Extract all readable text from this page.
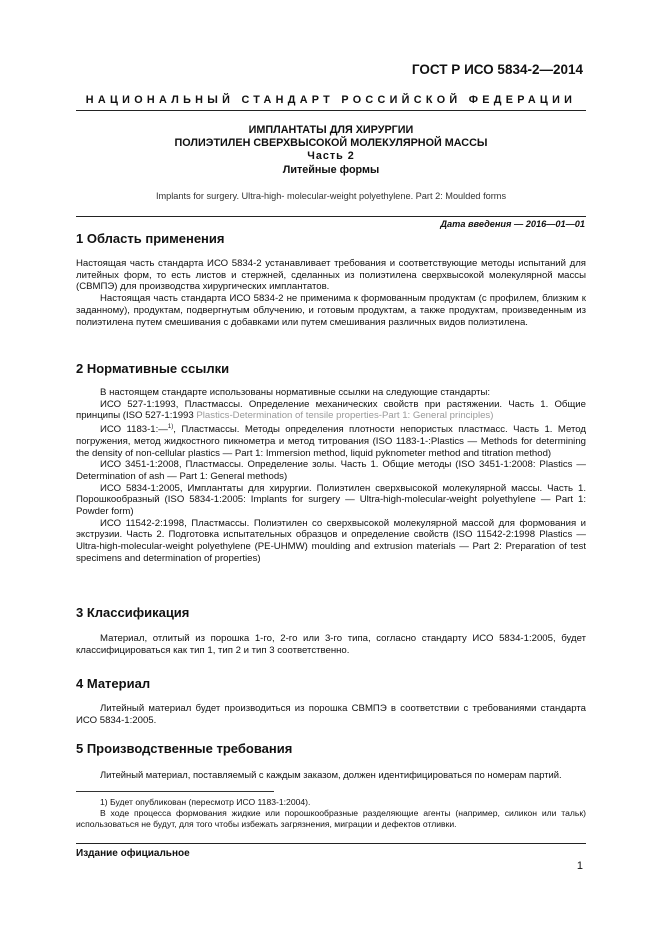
ГОСТ Р ИСО 5834-2—2014
НАЦИОНАЛЬНЫЙ СТАНДАРТ РОССИЙСКОЙ ФЕДЕРАЦИИ
ИМПЛАНТАТЫ ДЛЯ ХИРУРГИИ
ПОЛИЭТИЛЕН СВЕРХВЫСОКОЙ МОЛЕКУЛЯРНОЙ МАССЫ
Часть 2
Литейные формы
Implants for surgery. Ultra-high- molecular-weight polyethylene. Part 2: Moulded forms
Дата введения — 2016—01—01
1 Область применения

Настоящая часть стандарта ИСО 5834-2 устанавливает требования и соответствующие методы испытаний для литейных форм, то есть листов и стержней, сделанных из полиэтилена сверхвысокой молекулярной массы (СВМПЭ) для производства хирургических имплантатов.

Настоящая часть стандарта ИСО 5834-2 не применима к формованным продуктам (с профилем, близким к заданному), продуктам, подвергнутым облучению, и готовым продуктам, а также продуктам, произведенным из полиэтилена путем смешивания с добавками или путем смешивания различных видов полиэтилена.

2 Нормативные ссылки

В настоящем стандарте использованы нормативные ссылки на следующие стандарты:

ИСО 527-1:1993, Пластмассы. Определение механических свойств при растяжении. Часть 1. Общие принципы (ISO 527-1:1993 Plastics-Determination of tensile properties-Part 1: General principles)

ИСО 1183-1:—$^{1)}$, Пластмассы. Методы определения плотности непористых пластмасс. Часть 1. Метод погружения, метод жидкостного пикнометра и метод титрования (ISO 1183-1-:Plastics — Methods for determining the density of non-cellular plastics — Part 1: Immersion method, liquid pyknometer method and titration method)

ИСО 3451-1:2008, Пластмассы. Определение золы. Часть 1. Общие методы (ISO 3451-1:2008: Plastics — Determination of ash — Part 1: General methods)

ИСО 5834-1:2005, Имплантаты для хирургии. Полиэтилен сверхвысокой молекулярной массы. Часть 1. Порошкообразный (ISO 5834-1:2005: Implants for surgery — Ultra-high-molecular-weight polyethylene — Part 1: Powder form)

ИСО 11542-2:1998, Пластмассы. Полиэтилен со сверхвысокой молекулярной массой для формования и экструзии. Часть 2. Подготовка испытательных образцов и определение свойств (ISO 11542-2:1998 Plastics — Ultra-high-molecular-weight polyethylene (PE-UHMW) moulding and extrusion materials — Part 2: Preparation of test specimens and determination of properties)

3 Классификация

Материал, отлитый из порошка 1-го, 2-го или 3-го типа, согласно стандарту ИСО 5834-1:2005, будет классифицироваться как тип 1, тип 2 и тип 3 соответственно.

4 Материал

Литейный материал будет производиться из порошка СВМПЭ в соответствии с требованиями стандарта ИСО 5834-1:2005.

5 Производственные требования

Литейный материал, поставляемый с каждым заказом, должен идентифицироваться по номерам партий.

1) Будет опубликован (пересмотр ИСО 1183-1:2004).
В ходе процесса формования жидкие или порошкообразные разделяющие агенты (например, силикон или тальк) использоваться не будут, для того чтобы избежать загрязнения, миграции и дефектов отливки.
Издание официальное
1
